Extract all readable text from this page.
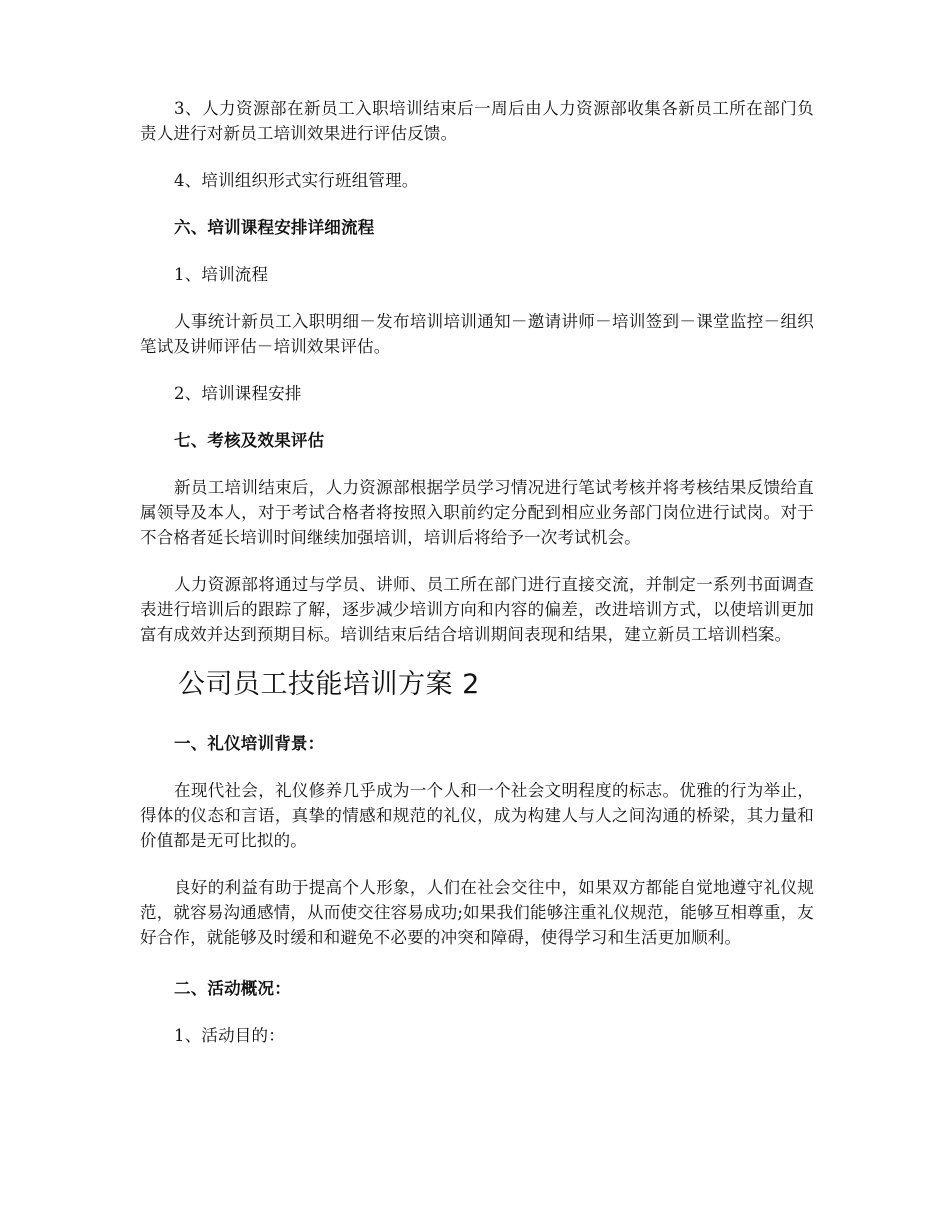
3、人力资源部在新员工入职培训结束后一周后由人力资源部收集各新员工所在部门负责人进行对新员工培训效果进行评估反馈。

4、培训组织形式实行班组管理。

六、培训课程安排详细流程

1、培训流程

人事统计新员工入职明细－发布培训培训通知－邀请讲师－培训签到－课堂监控－组织笔试及讲师评估－培训效果评估。

2、培训课程安排

七、考核及效果评估

新员工培训结束后，人力资源部根据学员学习情况进行笔试考核并将考核结果反馈给直属领导及本人，对于考试合格者将按照入职前约定分配到相应业务部门岗位进行试岗。对于不合格者延长培训时间继续加强培训，培训后将给予一次考试机会。

人力资源部将通过与学员、讲师、员工所在部门进行直接交流，并制定一系列书面调查表进行培训后的跟踪了解，逐步减少培训方向和内容的偏差，改进培训方式，以使培训更加富有成效并达到预期目标。培训结束后结合培训期间表现和结果，建立新员工培训档案。

公司员工技能培训方案 2

一、礼仪培训背景：

在现代社会，礼仪修养几乎成为一个人和一个社会文明程度的标志。优雅的行为举止，得体的仪态和言语，真挚的情感和规范的礼仪，成为构建人与人之间沟通的桥梁，其力量和价值都是无可比拟的。

良好的利益有助于提高个人形象，人们在社会交往中，如果双方都能自觉地遵守礼仪规范，就容易沟通感情，从而使交往容易成功;如果我们能够注重礼仪规范，能够互相尊重，友好合作，就能够及时缓和和避免不必要的冲突和障碍，使得学习和生活更加顺利。

二、活动概况：

1、活动目的：
